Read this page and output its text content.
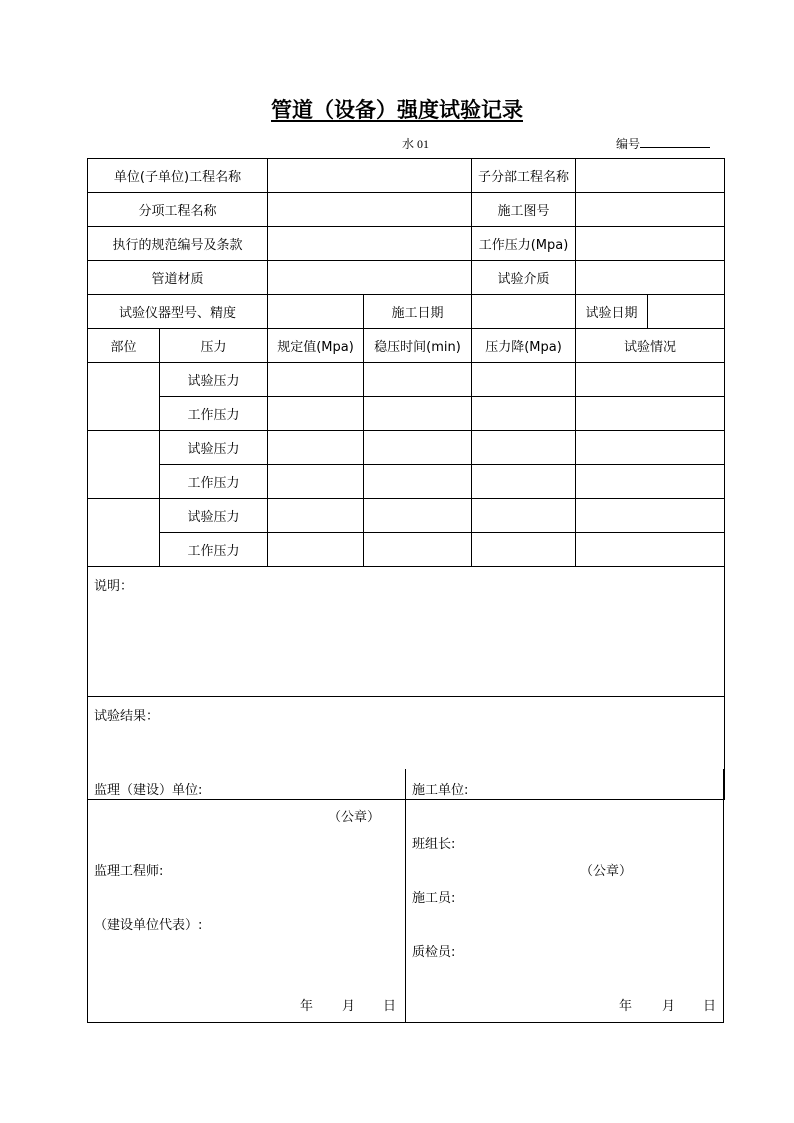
管道（设备）强度试验记录
水 01	编号
单位(子单位)工程名称				子分部工程名称		
分项工程名称				施工图号		
执行的规范编号及条款				工作压力(Mpa)		
管道材质				试验介质		
试验仪器型号、精度			施工日期		试验日期	
部位	压力	规定值(Mpa)	稳压时间(min)	压力降(Mpa)	试验情况	
	试验压力					
	工作压力					
	试验压力					
	工作压力					
	试验压力					
	工作压力					
说明：						
试验结果：						
监理（建设）单位:
（公章）
监理工程师:
（建设单位代表）:
年 月 日
施工单位:
班组长:
（公章）
施工员:
质检员:
年 月 日
